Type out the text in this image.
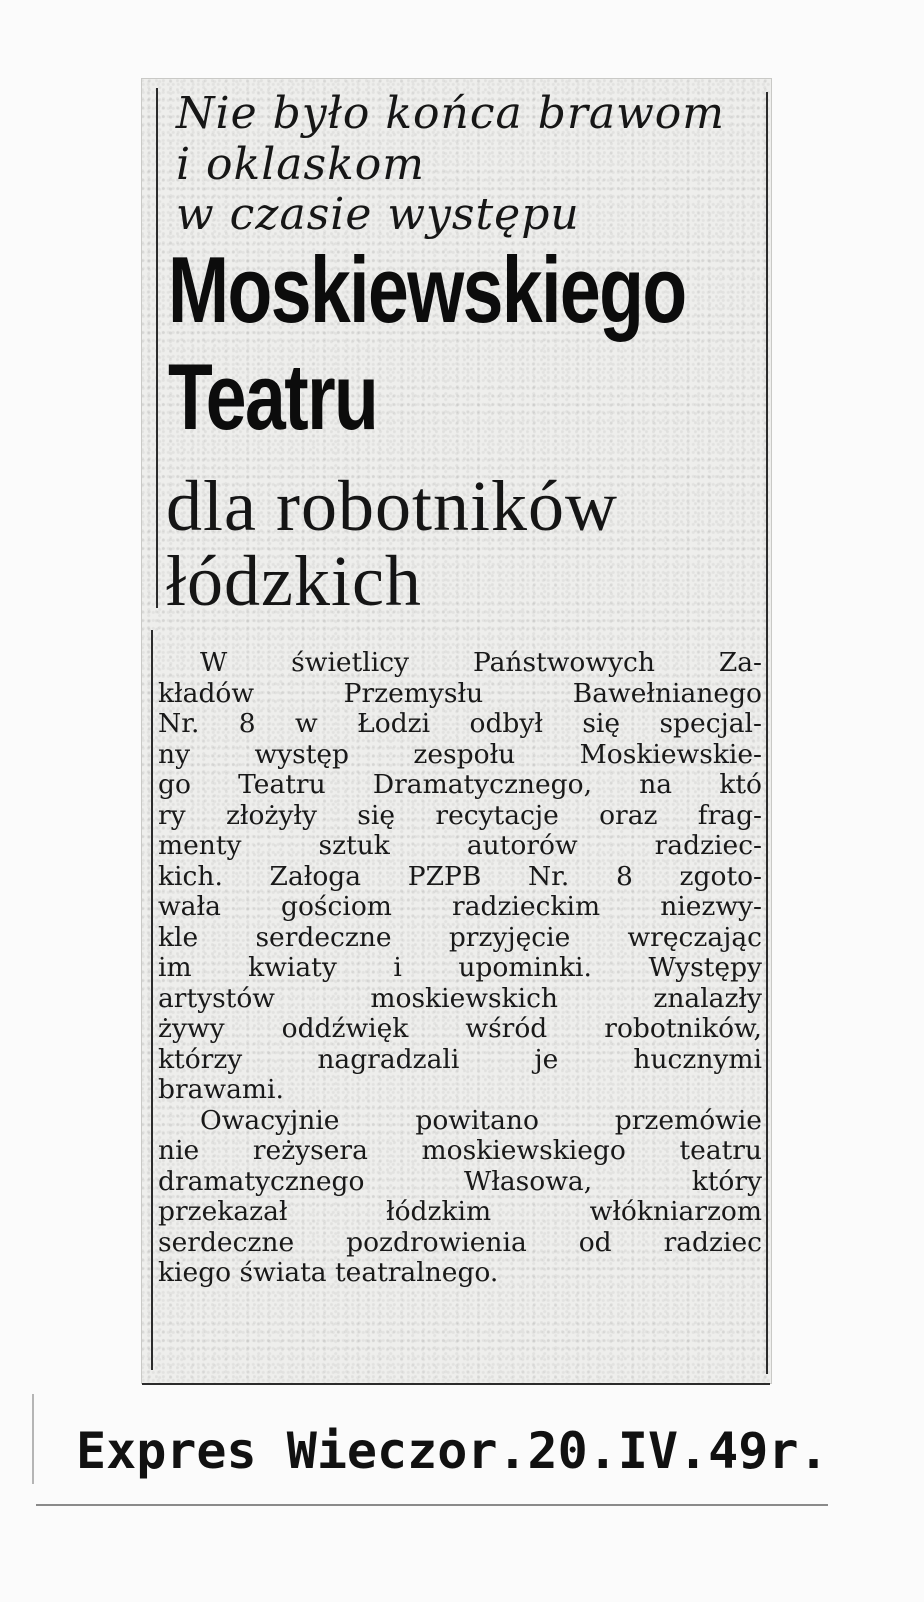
Nie było końca brawom
i oklaskom
w czasie występu
Moskiewskiego
Teatru
dla robotników
łódzkich
W świetlicy Państwowych Za-
kładów Przemysłu Bawełnianego
Nr. 8 w Łodzi odbył się specjal-
ny występ zespołu Moskiewskie-
go Teatru Dramatycznego, na któ
ry złożyły się recytacje oraz frag-
menty sztuk autorów radziec-
kich. Załoga PZPB Nr. 8 zgoto-
wała gościom radzieckim niezwy-
kle serdeczne przyjęcie wręczając
im kwiaty i upominki. Występy
artystów moskiewskich znalazły
żywy oddźwięk wśród robotników,
którzy nagradzali je hucznymi
brawami.
Owacyjnie powitano przemówie
nie reżysera moskiewskiego teatru
dramatycznego Własowa, który
przekazał łódzkim włókniarzom
serdeczne pozdrowienia od radziec
kiego świata teatralnego.
Expres Wieczor.20.IV.49r.
